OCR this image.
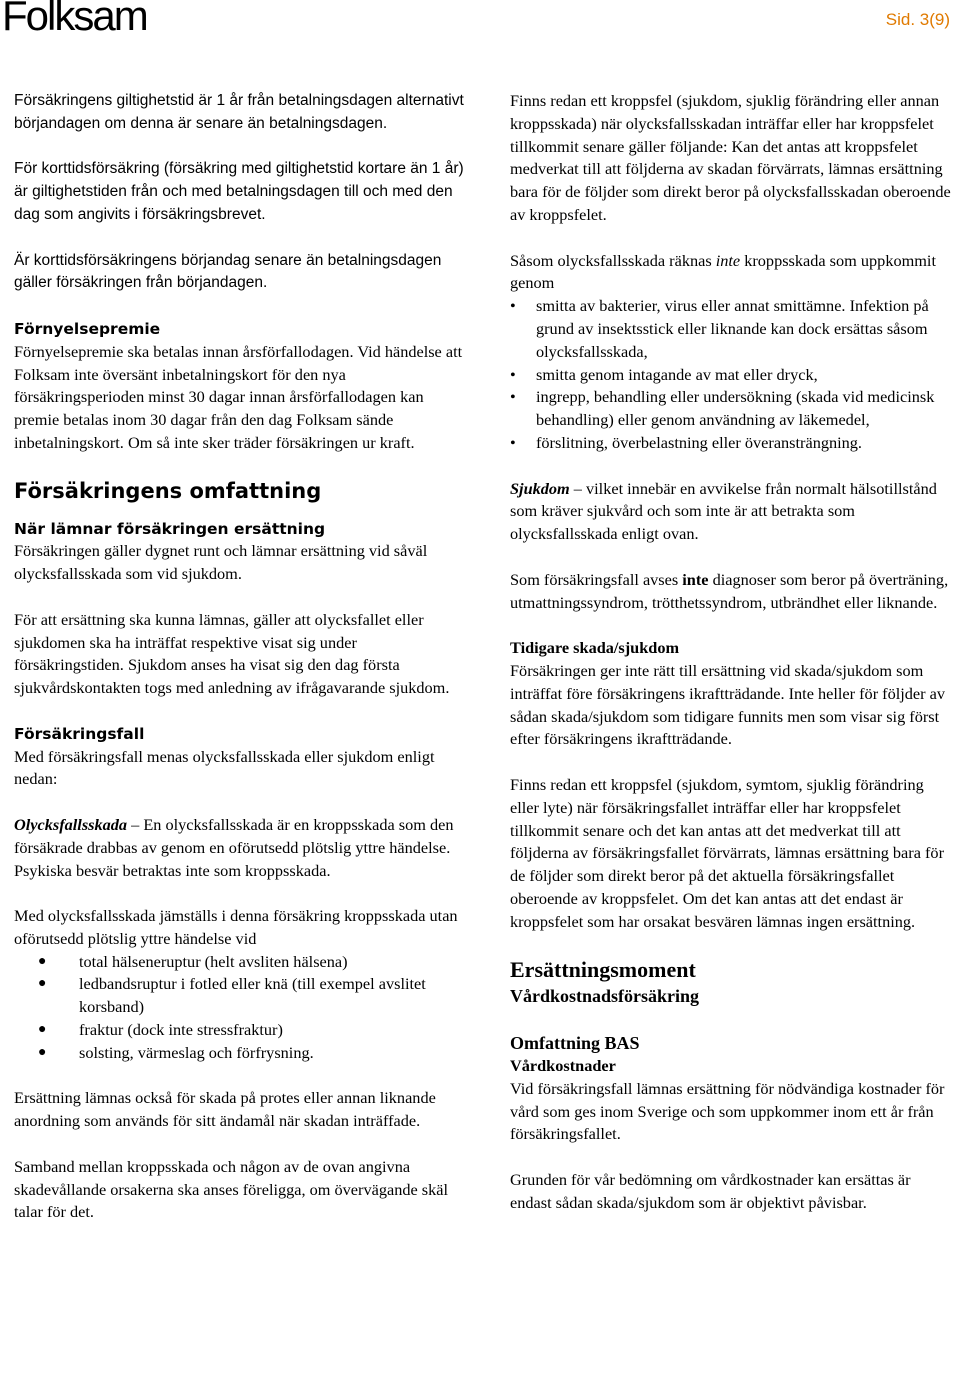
Folksam	Sid. 3(9)

Försäkringens giltighetstid är 1 år från betalningsdagen alternativt börjandagen om denna är senare än betalningsdagen.

För korttidsförsäkring (försäkring med giltighetstid kortare än 1 år) är giltighetstiden från och med betalningsdagen till och med den dag som angivits i försäkringsbrevet.

Är korttidsförsäkringens börjandag senare än betalningsdagen gäller försäkringen från börjandagen.

Förnyelsepremie
Förnyelsepremie ska betalas innan årsförfallodagen. Vid händelse att Folksam inte översänt inbetalningskort för den nya försäkringsperioden minst 30 dagar innan årsförfallodagen kan premie betalas inom 30 dagar från den dag Folksam sände inbetalningskort. Om så inte sker träder försäkringen ur kraft.

Försäkringens omfattning

När lämnar försäkringen ersättning
Försäkringen gäller dygnet runt och lämnar ersättning vid såväl olycksfallsskada som vid sjukdom.

För att ersättning ska kunna lämnas, gäller att olycksfallet eller sjukdomen ska ha inträffat respektive visat sig under försäkringstiden. Sjukdom anses ha visat sig den dag första sjukvårdskontakten togs med anledning av ifrågavarande sjukdom.

Försäkringsfall
Med försäkringsfall menas olycksfallsskada eller sjukdom enligt nedan:

Olycksfallsskada – En olycksfallsskada är en kroppsskada som den försäkrade drabbas av genom en oförutsedd plötslig yttre händelse. Psykiska besvär betraktas inte som kroppsskada.

Med olycksfallsskada jämställs i denna försäkring kroppsskada utan oförutsedd plötslig yttre händelse vid
● total hälseneruptur (helt avsliten hälsena)
● ledbandsruptur i fotled eller knä (till exempel avslitet korsband)
● fraktur (dock inte stressfraktur)
● solsting, värmeslag och förfrysning.

Ersättning lämnas också för skada på protes eller annan liknande anordning som används för sitt ändamål när skadan inträffade.

Samband mellan kroppsskada och någon av de ovan angivna skadevållande orsakerna ska anses föreligga, om övervägande skäl talar för det.

Finns redan ett kroppsfel (sjukdom, sjuklig förändring eller annan kroppsskada) när olycksfallsskadan inträffar eller har kroppsfelet tillkommit senare gäller följande: Kan det antas att kroppsfelet medverkat till att följderna av skadan förvärrats, lämnas ersättning bara för de följder som direkt beror på olycksfallsskadan oberoende av kroppsfelet.

Såsom olycksfallsskada räknas inte kroppsskada som uppkommit genom
• smitta av bakterier, virus eller annat smittämne. Infektion på grund av insektsstick eller liknande kan dock ersättas såsom olycksfallsskada,
• smitta genom intagande av mat eller dryck,
• ingrepp, behandling eller undersökning (skada vid medicinsk behandling) eller genom användning av läkemedel,
• förslitning, överbelastning eller överansträngning.

Sjukdom – vilket innebär en avvikelse från normalt hälsotillstånd som kräver sjukvård och som inte är att betrakta som olycksfallsskada enligt ovan.

Som försäkringsfall avses inte diagnoser som beror på överträning, utmattningssyndrom, trötthetssyndrom, utbrändhet eller liknande.

Tidigare skada/sjukdom
Försäkringen ger inte rätt till ersättning vid skada/sjukdom som inträffat före försäkringens ikraftträdande. Inte heller för följder av sådan skada/sjukdom som tidigare funnits men som visar sig först efter försäkringens ikraftträdande.

Finns redan ett kroppsfel (sjukdom, symtom, sjuklig förändring eller lyte) när försäkringsfallet inträffar eller har kroppsfelet tillkommit senare och det kan antas att det medverkat till att följderna av försäkringsfallet förvärrats, lämnas ersättning bara för de följder som direkt beror på det aktuella försäkringsfallet oberoende av kroppsfelet. Om det kan antas att det endast är kroppsfelet som har orsakat besvären lämnas ingen ersättning.

Ersättningsmoment
Vårdkostnadsförsäkring
Omfattning BAS
Vårdkostnader

Vid försäkringsfall lämnas ersättning för nödvändiga kostnader för vård som ges inom Sverige och som uppkommer inom ett år från försäkringsfallet.

Grunden för vår bedömning om vårdkostnader kan ersättas är endast sådan skada/sjukdom som är objektivt påvisbar.
